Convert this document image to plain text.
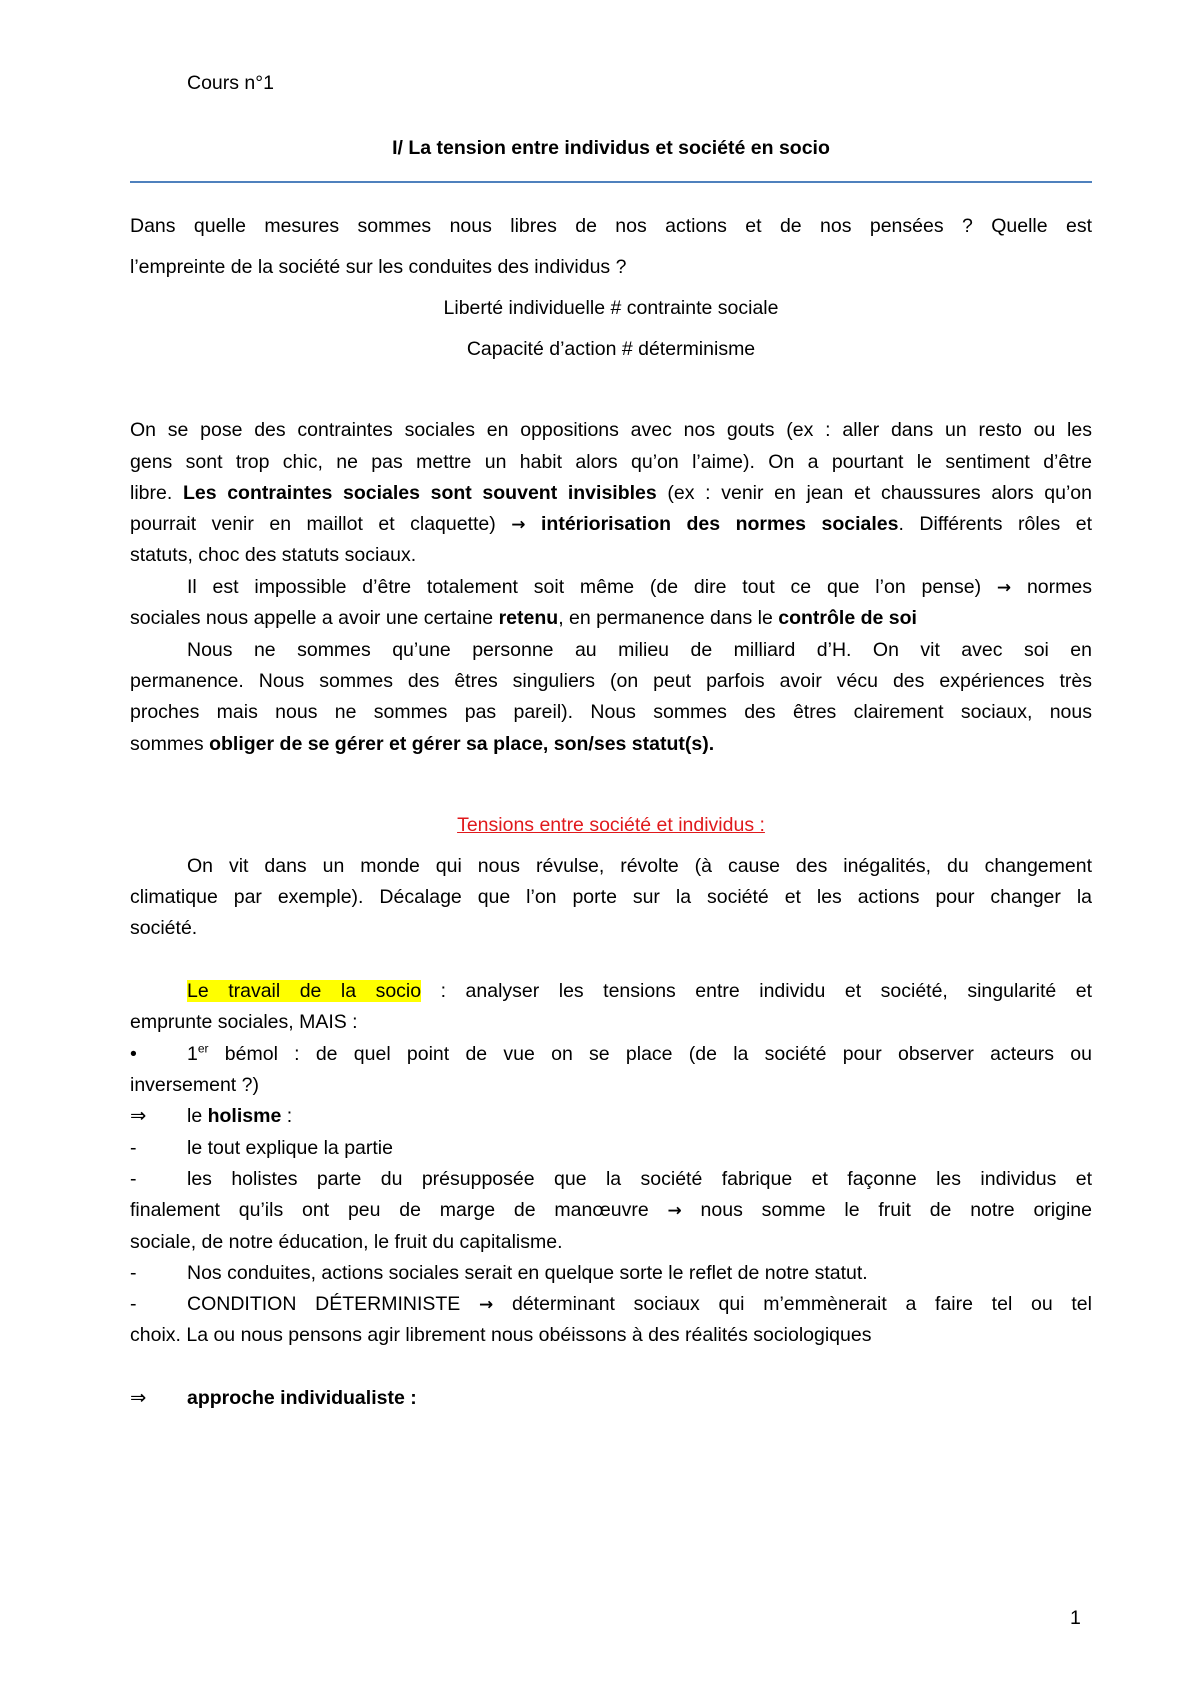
Cours n°1
I/ La tension entre individus et société en socio
Dans quelle mesures sommes nous libres de nos actions et de nos pensées ? Quelle est
l’empreinte de la société sur les conduites des individus ?
Liberté individuelle # contrainte sociale
Capacité d’action # déterminisme
On se pose des contraintes sociales en oppositions avec nos gouts (ex : aller dans un resto ou les
gens sont trop chic, ne pas mettre un habit alors qu’on l’aime). On a pourtant le sentiment d’être
libre. Les contraintes sociales sont souvent invisibles (ex : venir en jean et chaussures alors qu’on
pourrait venir en maillot et claquette) → intériorisation des normes sociales. Différents rôles et
statuts, choc des statuts sociaux.
Il est impossible d’être totalement soit même (de dire tout ce que l’on pense) → normes
sociales nous appelle a avoir une certaine retenu, en permanence dans le contrôle de soi
Nous ne sommes qu’une personne au milieu de milliard d’H. On vit avec soi en
permanence. Nous sommes des êtres singuliers (on peut parfois avoir vécu des expériences très
proches mais nous ne sommes pas pareil). Nous sommes des êtres clairement sociaux, nous
sommes obliger de se gérer et gérer sa place, son/ses statut(s).
Tensions entre société et individus :
On vit dans un monde qui nous révulse, révolte (à cause des inégalités, du changement
climatique par exemple). Décalage que l’on porte sur la société et les actions pour changer la
société.
Le travail de la socio : analyser les tensions entre individu et société, singularité et
emprunte sociales, MAIS :
•	1er bémol : de quel point de vue on se place (de la société pour observer acteurs ou
inversement ?)
⇒ le holisme :
-	le tout explique la partie
-	les holistes parte du présupposée que la société fabrique et façonne les individus et
finalement qu’ils ont peu de marge de manœuvre → nous somme le fruit de notre origine
sociale, de notre éducation, le fruit du capitalisme.
-	Nos conduites, actions sociales serait en quelque sorte le reflet de notre statut.
-	CONDITION DÉTERMINISTE → déterminant sociaux qui m’emmènerait a faire tel ou tel
choix. La ou nous pensons agir librement nous obéissons à des réalités sociologiques
⇒ approche individualiste :
1
